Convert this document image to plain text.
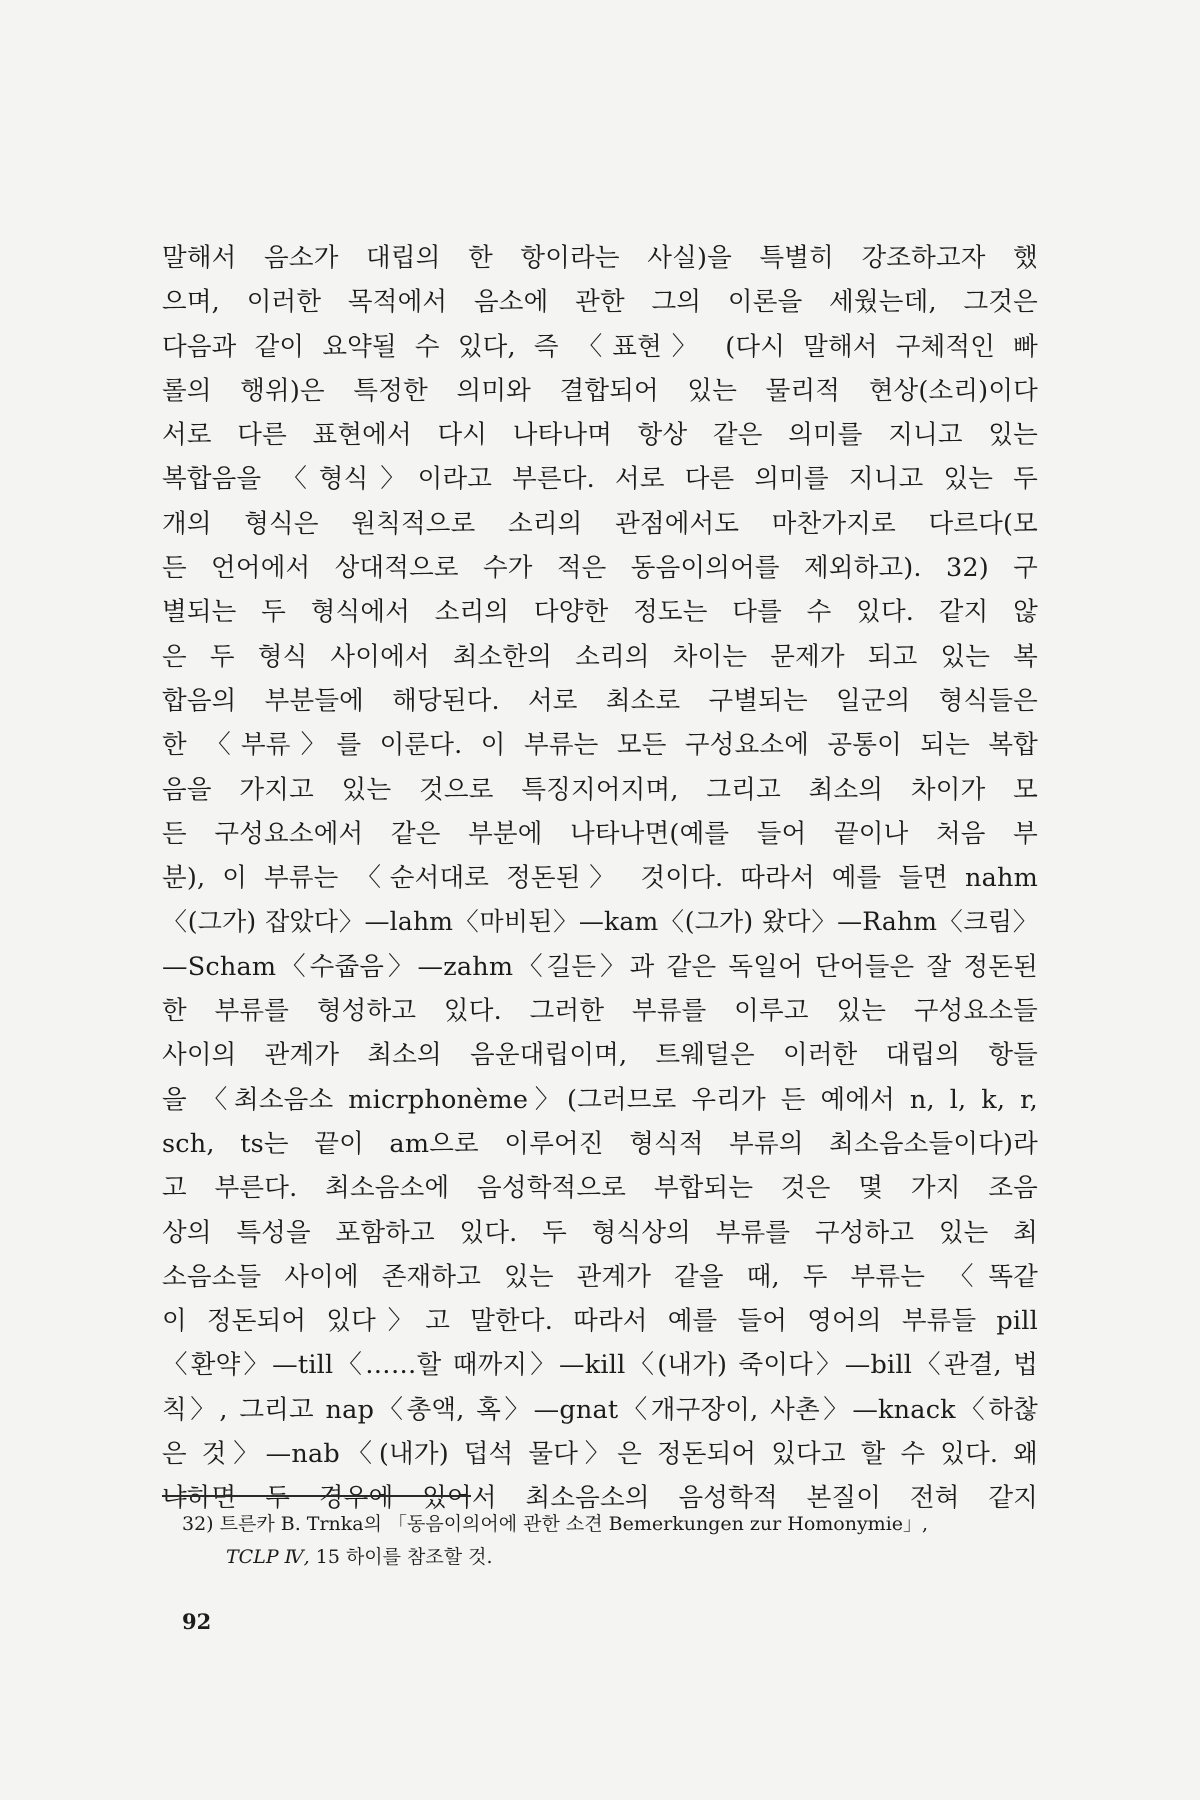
말해서 음소가 대립의 한 항이라는 사실)을 특별히 강조하고자 했
으며, 이러한 목적에서 음소에 관한 그의 이론을 세웠는데, 그것은
다음과 같이 요약될 수 있다, 즉 〈표현〉 (다시 말해서 구체적인 빠
롤의 행위)은 특정한 의미와 결합되어 있는 물리적 현상(소리)이다
서로 다른 표현에서 다시 나타나며 항상 같은 의미를 지니고 있는
복합음을 〈형식〉이라고 부른다. 서로 다른 의미를 지니고 있는 두
개의 형식은 원칙적으로 소리의 관점에서도 마찬가지로 다르다(모
든 언어에서 상대적으로 수가 적은 동음이의어를 제외하고). 32) 구
별되는 두 형식에서 소리의 다양한 정도는 다를 수 있다. 같지 않
은 두 형식 사이에서 최소한의 소리의 차이는 문제가 되고 있는 복
합음의 부분들에 해당된다. 서로 최소로 구별되는 일군의 형식들은
한 〈부류〉를 이룬다. 이 부류는 모든 구성요소에 공통이 되는 복합
음을 가지고 있는 것으로 특징지어지며, 그리고 최소의 차이가 모
든 구성요소에서 같은 부분에 나타나면(예를 들어 끝이나 처음 부
분), 이 부류는 〈순서대로 정돈된〉 것이다. 따라서 예를 들면 nahm
〈(그가) 잡았다〉—lahm〈마비된〉—kam〈(그가) 왔다〉—Rahm〈크림〉
—Scham〈수줍음〉—zahm〈길든〉과 같은 독일어 단어들은 잘 정돈된
한 부류를 형성하고 있다. 그러한 부류를 이루고 있는 구성요소들
사이의 관계가 최소의 음운대립이며, 트웨덜은 이러한 대립의 항들
을 〈최소음소 micrphonème〉(그러므로 우리가 든 예에서 n, l, k, r,
sch, ts는 끝이 am으로 이루어진 형식적 부류의 최소음소들이다)라
고 부른다. 최소음소에 음성학적으로 부합되는 것은 몇 가지 조음
상의 특성을 포함하고 있다. 두 형식상의 부류를 구성하고 있는 최
소음소들 사이에 존재하고 있는 관계가 같을 때, 두 부류는 〈똑같
이 정돈되어 있다〉고 말한다. 따라서 예를 들어 영어의 부류들 pill
〈환약〉—till〈……할 때까지〉—kill〈(내가) 죽이다〉—bill〈관결, 법
칙〉, 그리고 nap〈총액, 혹〉—gnat〈개구장이, 사촌〉—knack〈하찮
은 것〉—nab〈(내가) 덥석 물다〉은 정돈되어 있다고 할 수 있다. 왜
냐하면 두 경우에 있어서 최소음소의 음성학적 본질이 전혀 같지
32) 트른카 B. Trnka의 「동음이의어에 관한 소견 Bemerkungen zur Homonymie」,
TCLP Ⅳ, 15 하이를 참조할 것.
92
